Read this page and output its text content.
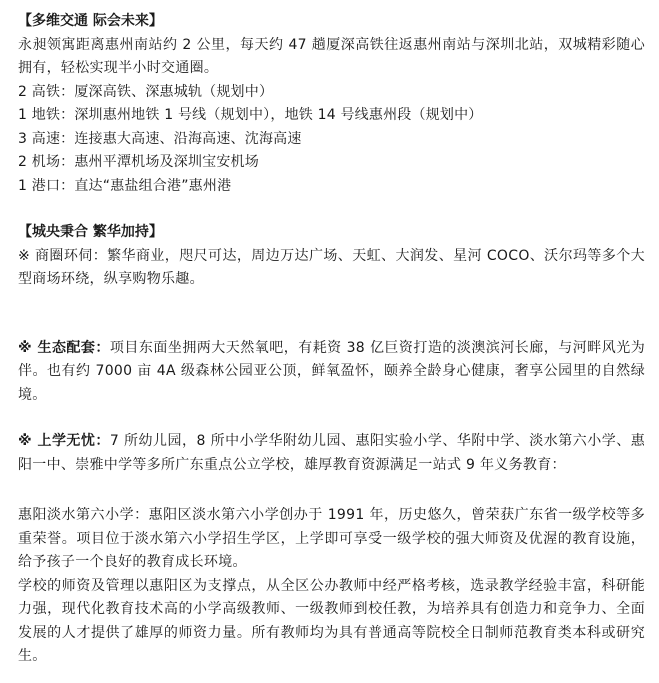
【多维交通 际会未来】
永昶领寓距离惠州南站约 2 公里，每天约 47 趟厦深高铁往返惠州南站与深圳北站，双城精彩随心拥有，轻松实现半小时交通圈。
2 高铁：厦深高铁、深惠城轨（规划中）
1 地铁：深圳惠州地铁 1 号线（规划中），地铁 14 号线惠州段（规划中）
3 高速：连接惠大高速、沿海高速、沈海高速
2 机场：惠州平潭机场及深圳宝安机场
1 港口：直达“惠盐组合港”惠州港
【城央秉合 繁华加持】
※ 商圈环伺：繁华商业，咫尺可达，周边万达广场、天虹、大润发、星河 COCO、沃尔玛等多个大型商场环绕，纵享购物乐趣。
※ 生态配套：项目东面坐拥两大天然氧吧，有耗资 38 亿巨资打造的淡澳滨河长廊，与河畔风光为伴。也有约 7000 亩 4A 级森林公园亚公顶，鲜氧盈怀，颐养全龄身心健康，奢享公园里的自然绿境。
※ 上学无忧：7 所幼儿园，8 所中小学华附幼儿园、惠阳实验小学、华附中学、淡水第六小学、惠阳一中、崇雅中学等多所广东重点公立学校，雄厚教育资源满足一站式 9 年义务教育：
惠阳淡水第六小学：惠阳区淡水第六小学创办于 1991 年，历史悠久，曾荣获广东省一级学校等多重荣誉。项目位于淡水第六小学招生学区，上学即可享受一级学校的强大师资及优渥的教育设施，给予孩子一个良好的教育成长环境。
学校的师资及管理以惠阳区为支撑点，从全区公办教师中经严格考核，选录教学经验丰富，科研能力强，现代化教育技术高的小学高级教师、一级教师到校任教，为培养具有创造力和竞争力、全面发展的人才提供了雄厚的师资力量。所有教师均为具有普通高等院校全日制师范教育类本科或研究生。
